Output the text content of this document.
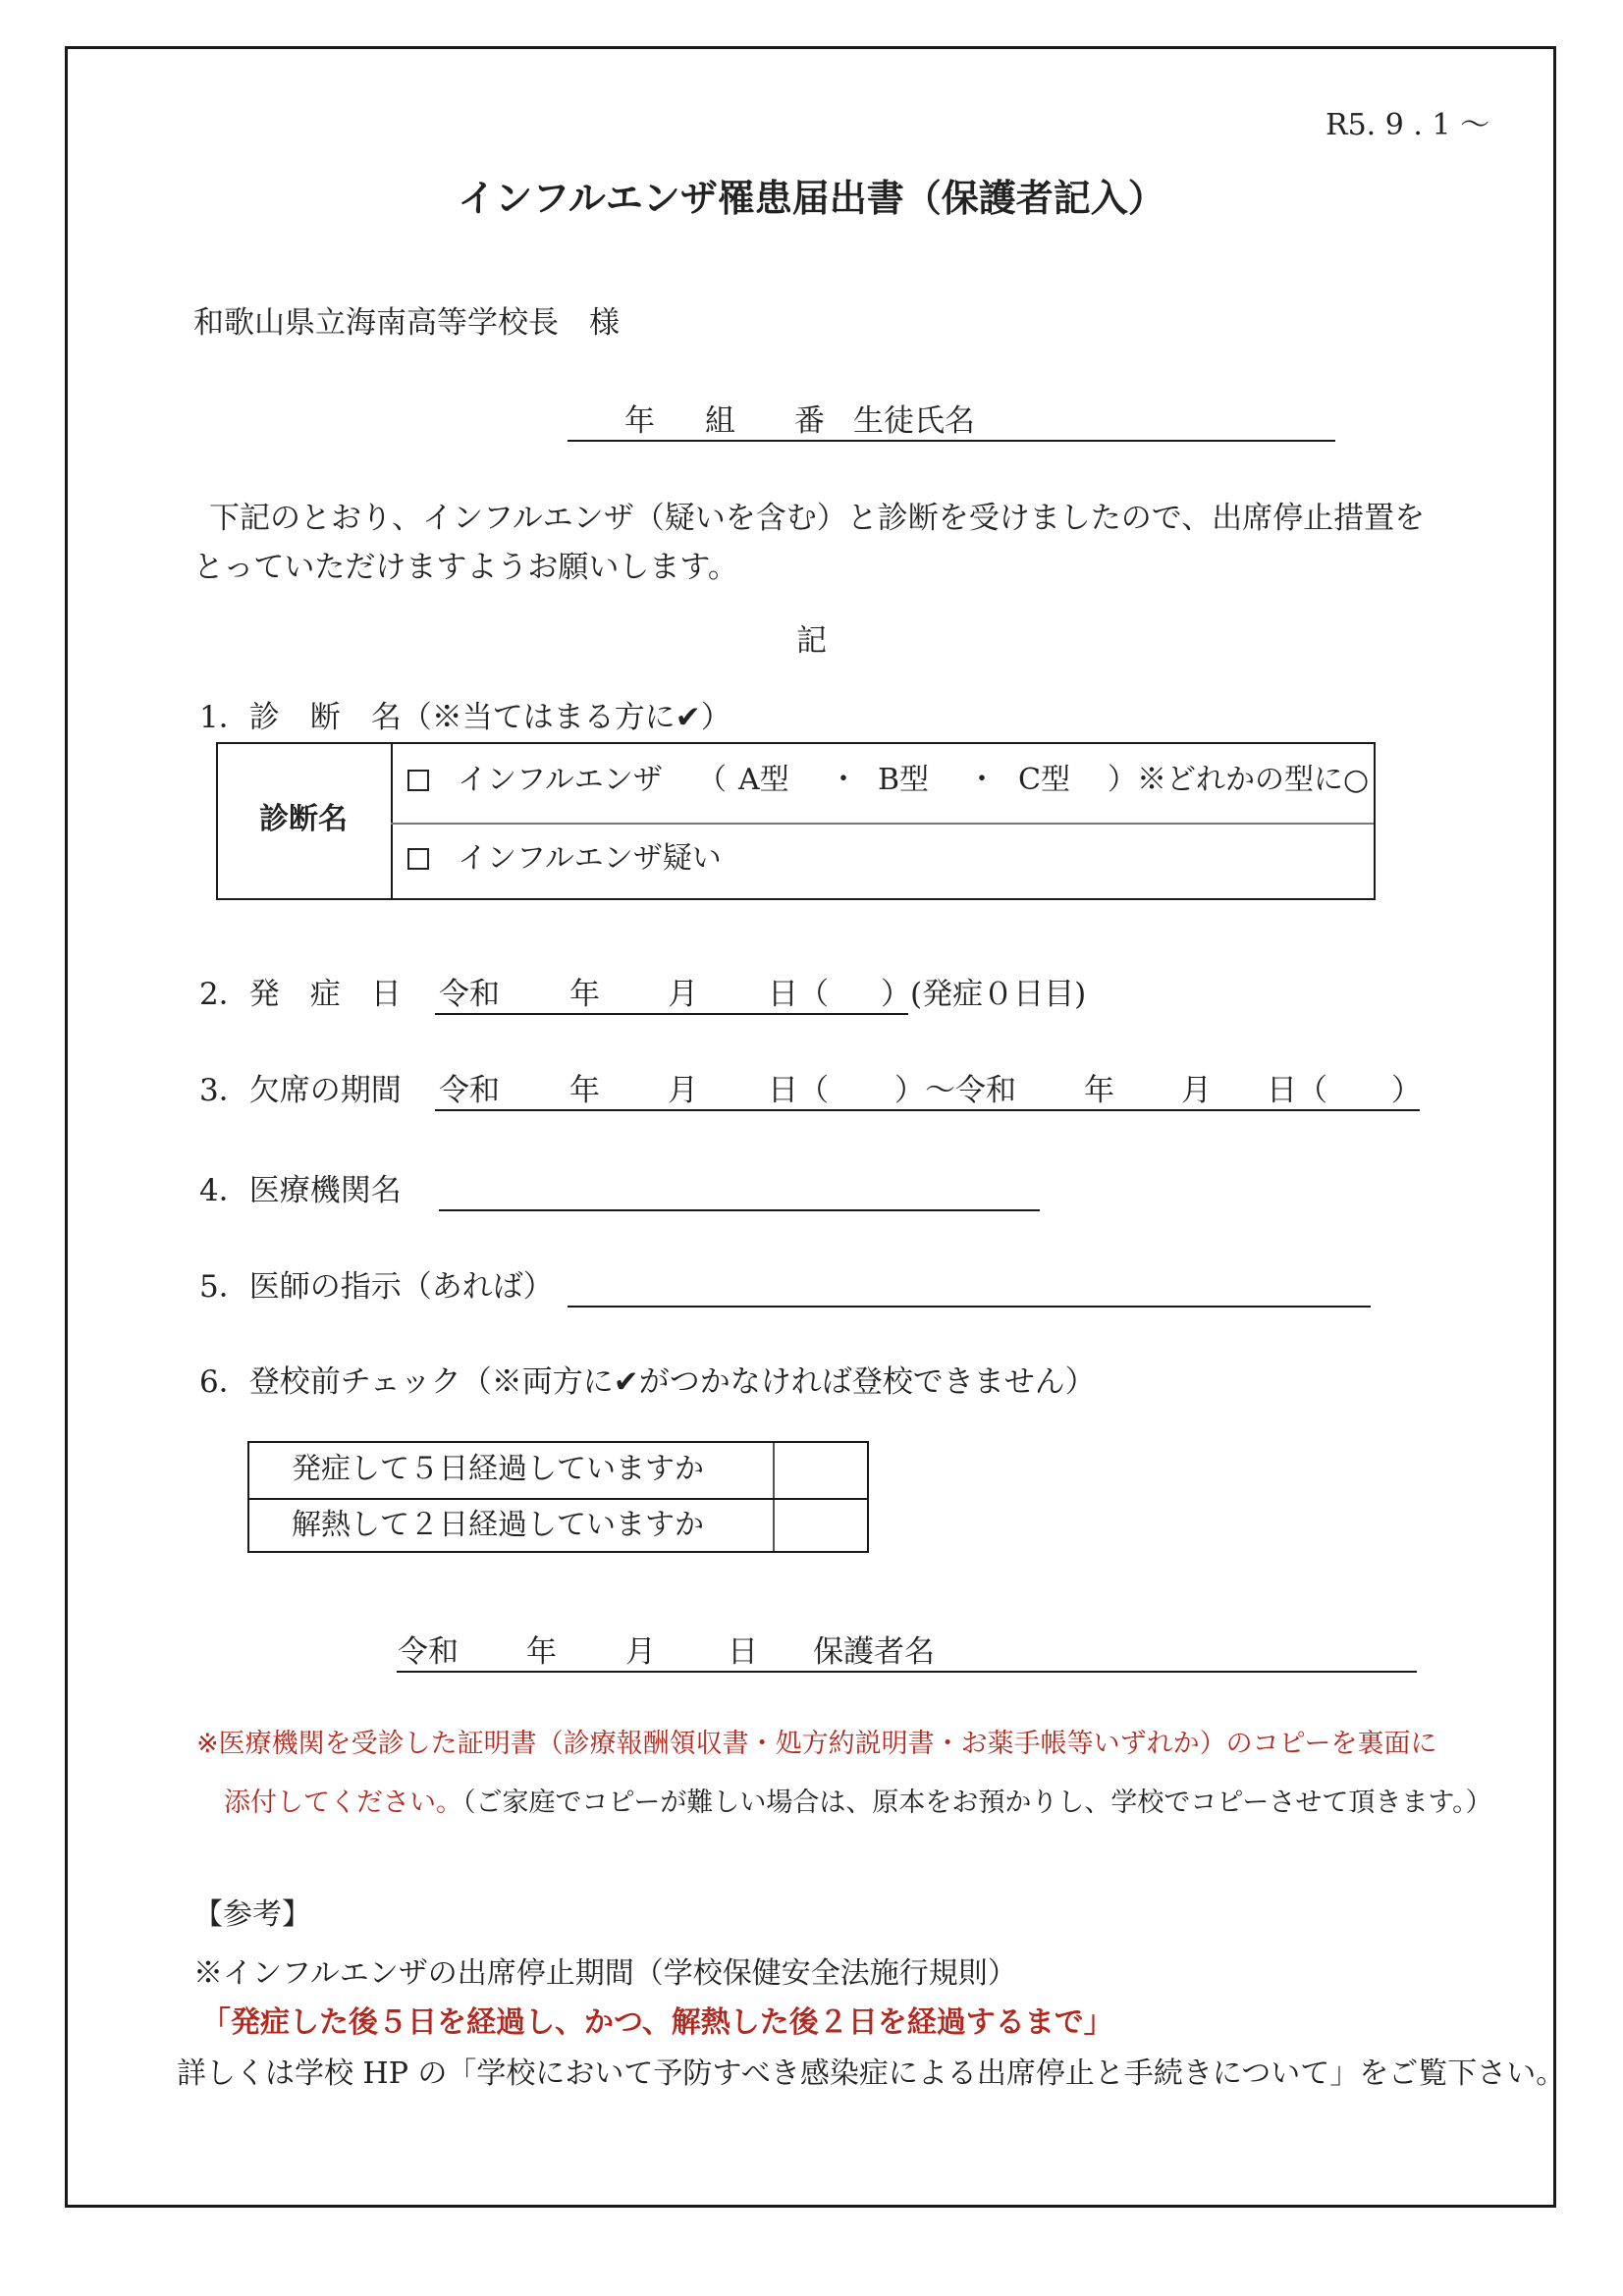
R5. 9 . 1 〜
インフルエンザ罹患届出書（保護者記入）
和歌山県立海南高等学校長　様
年 組 番 生徒氏名
下記のとおり、インフルエンザ（疑いを含む）と診断を受けましたので、出席停止措置を
とっていただけますようお願いします。
記
1．診　断　名（※当てはまる方に✔）
診断名
インフルエンザ （ A型 ・ B型 ・ C型 ） ※どれかの型に○
インフルエンザ疑い
2．発　症　日 令和 年 月 日（ ） (発症０日目)
3．欠席の期間 令和 年 月 日（ ）〜令和 年 月 日（ ）
4．医療機関名
5．医師の指示（あれば）
6．登校前チェック（※両方に✔がつかなければ登校できません）
発症して５日経過していますか
解熱して２日経過していますか
令和 年 月 日 保護者名
※医療機関を受診した証明書（診療報酬領収書・処方約説明書・お薬手帳等いずれか）のコピーを裏面に
添付してください。（ご家庭でコピーが難しい場合は、原本をお預かりし、学校でコピーさせて頂きます。）
【参考】
※インフルエンザの出席停止期間（学校保健安全法施行規則）
「発症した後５日を経過し、かつ、解熱した後２日を経過するまで」
詳しくは学校 HP の「学校において予防すべき感染症による出席停止と手続きについて」をご覧下さい。
